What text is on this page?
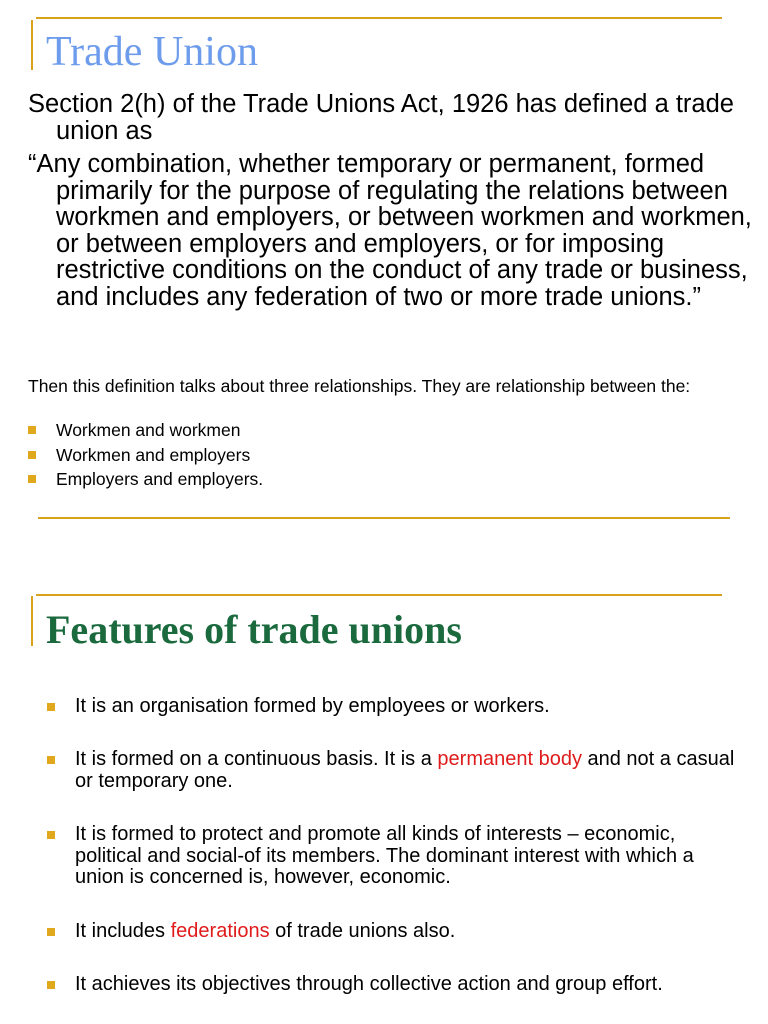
Trade Union

Section 2(h) of the Trade Unions Act, 1926 has defined a trade union as

“Any combination, whether temporary or permanent, formed primarily for the purpose of regulating the relations between workmen and employers, or between workmen and workmen, or between employers and employers, or for imposing restrictive conditions on the conduct of any trade or business, and includes any federation of two or more trade unions.”

Then this definition talks about three relationships. They are relationship between the:

Workmen and workmen
Workmen and employers
Employers and employers.
Features of trade unions
It is an organisation formed by employees or workers.
It is formed on a continuous basis. It is a permanent body and not a casual or temporary one.
It is formed to protect and promote all kinds of interests – economic, political and social-of its members. The dominant interest with which a union is concerned is, however, economic.
It includes federations of trade unions also.
It achieves its objectives through collective action and group effort.
